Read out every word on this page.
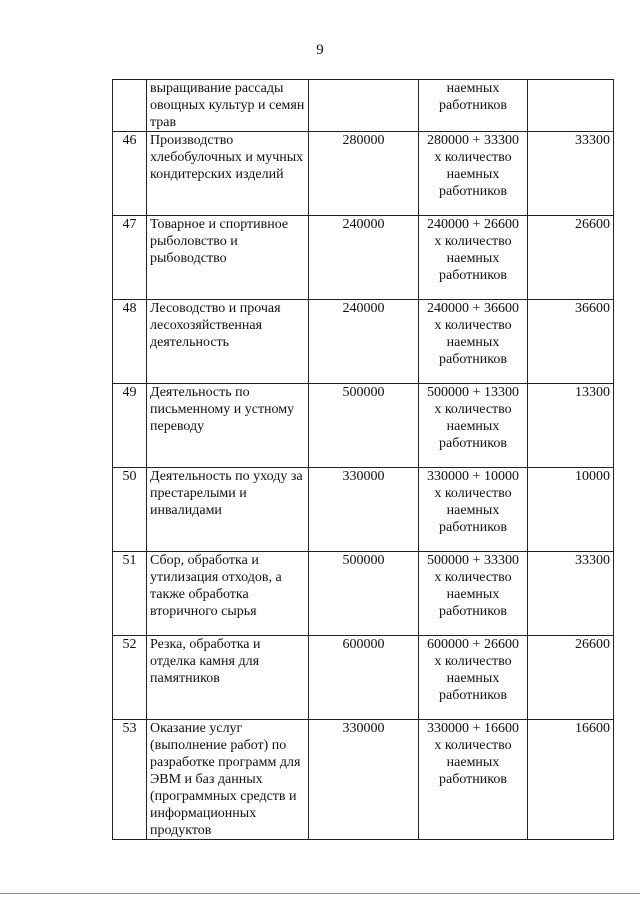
9
	выращивание рассады овощных культур и семян трав		наемных работников	
46	Производство хлебобулочных и мучных кондитерских изделий	280000	280000 + 33300 х количество наемных работников	33300
47	Товарное и спортивное рыболовство и рыбоводство	240000	240000 + 26600 х количество наемных работников	26600
48	Лесоводство и прочая лесохозяйственная деятельность	240000	240000 + 36600 х количество наемных работников	36600
49	Деятельность по письменному и устному переводу	500000	500000 + 13300 х количество наемных работников	13300
50	Деятельность по уходу за престарелыми и инвалидами	330000	330000 + 10000 х количество наемных работников	10000
51	Сбор, обработка и утилизация отходов, а также обработка вторичного сырья	500000	500000 + 33300 х количество наемных работников	33300
52	Резка, обработка и отделка камня для памятников	600000	600000 + 26600 х количество наемных работников	26600
53	Оказание услуг (выполнение работ) по разработке программ для ЭВМ и баз данных (программных средств и информационных продуктов	330000	330000 + 16600 х количество наемных работников	16600
